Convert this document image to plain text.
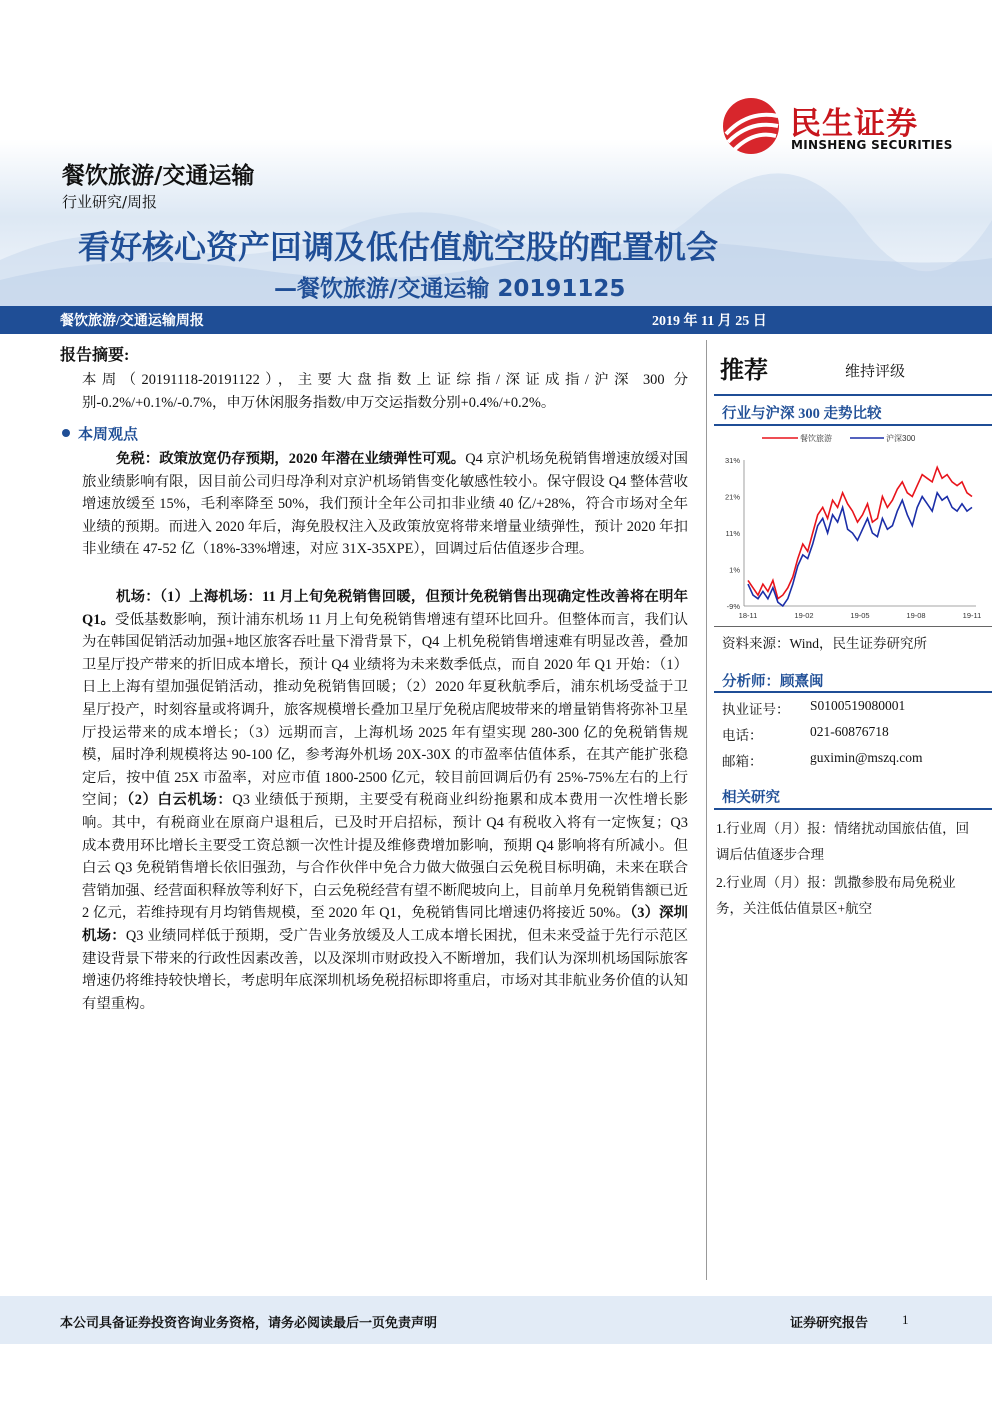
民生证券
MINSHENG SECURITIES
餐饮旅游/交通运输
行业研究/周报
看好核心资产回调及低估值航空股的配置机会
—餐饮旅游/交通运输 20191125
餐饮旅游/交通运输周报	2019 年 11 月 25 日
报告摘要:
本周（20191118-20191122），主要大盘指数上证综指/深证成指/沪深 300 分别-0.2%/+0.1%/-0.7%，申万休闲服务指数/申万交运指数分别+0.4%/+0.2%。
本周观点
免税：政策放宽仍存预期，2020 年潜在业绩弹性可观。Q4 京沪机场免税销售增速放缓对国旅业绩影响有限，因目前公司归母净利对京沪机场销售变化敏感性较小。保守假设 Q4 整体营收增速放缓至 15%，毛利率降至 50%，我们预计全年公司扣非业绩 40 亿/+28%，符合市场对全年业绩的预期。而进入 2020 年后，海免股权注入及政策放宽将带来增量业绩弹性，预计 2020 年扣非业绩在 47-52 亿（18%-33%增速，对应 31X-35XPE），回调过后估值逐步合理。
机场：（1）上海机场：11 月上旬免税销售回暖，但预计免税销售出现确定性改善将在明年 Q1。受低基数影响，预计浦东机场 11 月上旬免税销售增速有望环比回升。但整体而言，我们认为在韩国促销活动加强+地区旅客吞吐量下滑背景下，Q4 上机免税销售增速难有明显改善，叠加卫星厅投产带来的折旧成本增长，预计 Q4 业绩将为未来数季低点，而自 2020 年 Q1 开始：（1）日上上海有望加强促销活动，推动免税销售回暖；（2）2020 年夏秋航季后，浦东机场受益于卫星厅投产，时刻容量或将调升，旅客规模增长叠加卫星厅免税店爬坡带来的增量销售将弥补卫星厅投运带来的成本增长；（3）远期而言，上海机场 2025 年有望实现 280-300 亿的免税销售规模，届时净利规模将达 90-100 亿，参考海外机场 20X-30X 的市盈率估值体系，在其产能扩张稳定后，按中值 25X 市盈率，对应市值 1800-2500 亿元，较目前回调后仍有 25%-75%左右的上行空间；（2）白云机场：Q3 业绩低于预期，主要受有税商业纠纷拖累和成本费用一次性增长影响。其中，有税商业在原商户退租后，已及时开启招标，预计 Q4 有税收入将有一定恢复；Q3 成本费用环比增长主要受工资总额一次性计提及维修费增加影响，预期 Q4 影响将有所减小。但白云 Q3 免税销售增长依旧强劲，与合作伙伴中免合力做大做强白云免税目标明确，未来在联合营销加强、经营面积释放等利好下，白云免税经营有望不断爬坡向上，目前单月免税销售额已近 2 亿元，若维持现有月均销售规模，至 2020 年 Q1，免税销售同比增速仍将接近 50%。（3）深圳机场：Q3 业绩同样低于预期，受广告业务放缓及人工成本增长困扰，但未来受益于先行示范区建设背景下带来的行政性因素改善，以及深圳市财政投入不断增加，我们认为深圳机场国际旅客增速仍将维持较快增长，考虑明年底深圳机场免税招标即将重启，市场对其非航业务价值的认知有望重构。
推荐	维持评级
行业与沪深 300 走势比较
餐饮旅游	沪深300
31%
21%
11%
1%
-9%
18-11	19-02	19-05	19-08	19-11
资料来源：Wind，民生证券研究所
分析师：顾熹闽
执业证号： S0100519080001
电话：	021-60876718
邮箱：	guximin@mszq.com
相关研究
1.行业周（月）报：情绪扰动国旅估值，回调后估值逐步合理
2.行业周（月）报：凯撒参股布局免税业务，关注低估值景区+航空
本公司具备证券投资咨询业务资格，请务必阅读最后一页免责声明	证券研究报告	1
